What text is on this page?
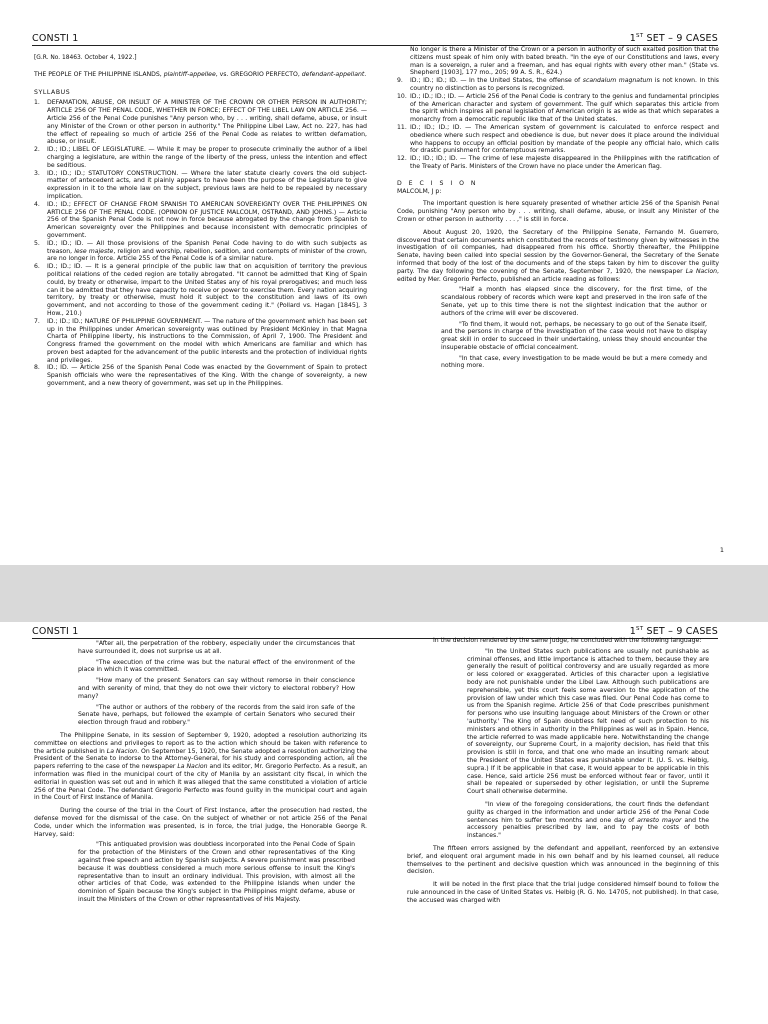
CONSTI 1	1ST SET – 9 CASES

[G.R. No. 18463. October 4, 1922.]

THE PEOPLE OF THE PHILIPPINE ISLANDS, plaintiff-appellee, vs. GREGORIO PERFECTO, defendant-appellant.

SYLLABUS

1. DEFAMATION, ABUSE, OR INSULT OF A MINISTER OF THE CROWN OR OTHER PERSON IN AUTHORITY; ARTICLE 256 OF THE PENAL CODE, WHETHER IN FORCE; EFFECT OF THE LIBEL LAW ON ARTICLE 256. — Article 256 of the Penal Code punishes "Any person who, by . . . writing, shall defame, abuse, or insult any Minister of the Crown or other person in authority." The Philippine Libel Law, Act no. 227, has had the effect of repealing so much of article 256 of the Penal Code as relates to written defamation, abuse, or insult.
2. ID.; ID.; LIBEL OF LEGISLATURE. — While it may be proper to prosecute criminally the author of a libel charging a legislature, are within the range of the liberty of the press, unless the intention and effect be seditious.
3. ID.; ID.; ID.; STATUTORY CONSTRUCTION. — Where the later statute clearly covers the old subject-matter of antecedent acts, and it plainly appears to have been the purpose of the Legislature to give expression in it to the whole law on the subject, previous laws are held to be repealed by necessary implication.
4. ID.; ID.; EFFECT OF CHANGE FROM SPANISH TO AMERICAN SOVEREIGNTY OVER THE PHILIPPINES ON ARTICLE 256 OF THE PENAL CODE. (OPINION OF JUSTICE MALCOLM, OSTRAND, AND JOHNS.) — Article 256 of the Spanish Penal Code is not now in force because abrogated by the change from Spanish to American sovereignty over the Philippines and because inconsistent with democratic principles of government.
5. ID.; ID.; ID. — All those provisions of the Spanish Penal Code having to do with such subjects as treason, lese majeste, religion and worship, rebellion, sedition, and contempts of minister of the crown, are no longer in force. Article 255 of the Penal Code is of a similar nature.
6. ID.; ID.; ID. — It is a general principle of the public law that on acquisition of territory the previous political relations of the ceded region are totally abrogated. "It cannot be admitted that King of Spain could, by treaty or otherwise, impart to the United States any of his royal prerogatives; and much less can it be admitted that they have capacity to receive or power to exercise them. Every nation acquiring territory, by treaty or otherwise, must hold it subject to the constitution and laws of its own government, and not according to those of the government ceding it." (Pollard vs. Hagan [1845], 3 How., 210.)
7. ID.; ID.; ID.; NATURE OF PHILIPPINE GOVERNMENT. — The nature of the government which has been set up in the Philippines under American sovereignty was outlined by President McKinley in that Magna Charta of Philippine liberty, his instructions to the Commission, of April 7, 1900. The President and Congress framed the government on the model with which Americans are familiar and which has proven best adapted for the advancement of the public interests and the protection of individual rights and privileges.
8. ID.; ID. — Article 256 of the Spanish Penal Code was enacted by the Government of Spain to protect Spanish officials who were the representatives of the King. With the change of sovereignty, a new government, and a new theory of government, was set up in the Philippines.

No longer is there a Minister of the Crown or a person in authority of such exalted position that the citizens must speak of him only with bated breath. "In the eye of our Constitutions and laws, every man is a sovereign, a ruler and a freeman, and has equal rights with every other man." (State vs. Shepherd [1903], 177 mo., 205; 99 A. S. R., 624.)

9. ID.; ID.; ID.; ID. — In the United States, the offense of scandalum magnatum is not known. In this country no distinction as to persons is recognized.
10. ID.; ID.; ID.; ID. — Article 256 of the Penal Code is contrary to the genius and fundamental principles of the American character and system of government. The gulf which separates this article from the spirit which inspires all penal legislation of American origin is as wide as that which separates a monarchy from a democratic republic like that of the United states.
11. ID.; ID.; ID.; ID. — The American system of government is calculated to enforce respect and obedience where such respect and obedience is due, but never does it place around the individual who happens to occupy an official position by mandate of the people any official halo, which calls for drastic punishment for contemptuous remarks.
12. ID.; ID.; ID.; ID. — The crime of lese majeste disappeared in the Philippines with the ratification of the Treaty of Paris. Ministers of the Crown have no place under the American flag.

D E C I S I O N

MALCOLM, J p:

The important question is here squarely presented of whether article 256 of the Spanish Penal Code, punishing "Any person who by . . . writing, shall defame, abuse, or insult any Minister of the Crown or other person in authority . . . ," is still in force.

About August 20, 1920, the Secretary of the Philippine Senate, Fernando M. Guerrero, discovered that certain documents which constituted the records of testimony given by witnesses in the investigation of oil companies, had disappeared from his office. Shortly thereafter, the Philippine Senate, having been called into special session by the Governor-General, the Secretary of the Senate informed that body of the lost of the documents and of the steps taken by him to discover the guilty party. The day following the covening of the Senate, September 7, 1920, the newspaper La Nacion, edited by Mer. Gregorio Perfecto, published an article reading as follows:

"Half a month has elapsed since the discovery, for the first time, of the scandalous robbery of records which were kept and preserved in the iron safe of the Senate, yet up to this time there is not the slightest indication that the author or authors of the crime will ever be discovered.

"To find them, it would not, perhaps, be necessary to go out of the Senate itself, and the persons in charge of the investigation of the case would not have to display great skill in order to succeed in their undertaking, unless they should encounter the insuperable obstacle of official concealment.

"In that case, every investigation to be made would be but a mere comedy and nothing more.

1
CONSTI 1	1ST SET – 9 CASES

"After all, the perpetration of the robbery, especially under the circumstances that have surrounded it, does not surprise us at all.

"The execution of the crime was but the natural effect of the environment of the place in which it was committed.

"How many of the present Senators can say without remorse in their conscience and with serenity of mind, that they do not owe their victory to electoral robbery? How many?

"The author or authors of the robbery of the records from the said iron safe of the Senate have, perhaps, but followed the example of certain Senators who secured their election through fraud and robbery."

The Philippine Senate, in its session of September 9, 1920, adopted a resolution authorizing its committee on elections and privileges to report as to the action which should be taken with reference to the article published in La Nacion. On September 15, 1920, the Senate adopted a resolution authorizing the President of the Senate to indorse to the Attorney-General, for his study and corresponding action, all the papers referring to the case of the newspaper La Nacion and its editor, Mr. Gregorio Perfecto. As a result, an information was filed in the municipal court of the city of Manila by an assistant city fiscal, in which the editorial in question was set out and in which it was alleged that the same constituted a violation of article 256 of the Penal Code. The defendant Gregorio Perfecto was found guilty in the municipal court and again in the Court of First Instance of Manila.

During the course of the trial in the Court of First Instance, after the prosecution had rested, the defense moved for the dismissal of the case. On the subject of whether or not article 256 of the Penal Code, under which the information was presented, is in force, the trial judge, the Honorable George R. Harvey, said:

"This antiquated provision was doubtless incorporated into the Penal Code of Spain for the protection of the Ministers of the Crown and other representatives of the King against free speech and action by Spanish subjects. A severe punishment was prescribed because it was doubtless considered a much more serious offense to insult the King's representative than to insult an ordinary individual. This provision, with almost all the other articles of that Code, was extended to the Philippine Islands when under the dominion of Spain because the King's subject in the Philippines might defame, abuse or insult the Ministers of the Crown or other representatives of His Majesty.

In the decision rendered by the same judge, he concluded with the following language:

"In the United States such publications are usually not punishable as criminal offenses, and little importance is attached to them, because they are generally the result of political controversy and are usually regarded as more or less colored or exaggerated. Articles of this character upon a legislative body are not punishable under the Libel Law. Although such publications are reprehensible, yet this court feels some aversion to the application of the provision of law under which this case was filed. Our Penal Code has come to us from the Spanish regime. Article 256 of that Code prescribes punishment for persons who use insulting language about Ministers of the Crown or other 'authority.' The King of Spain doubtless felt need of such protection to his ministers and others in authority in the Philippines as well as in Spain. Hence, the article referred to was made applicable here. Notwithstanding the change of sovereignty, our Supreme Court, in a majority decision, has held that this provision is still in force, and that one who made an insulting remark about the President of the United States was punishable under it. (U. S. vs. Helbig, supra.) If it be applicable in that case, it would appear to be applicable in this case. Hence, said article 256 must be enforced without fear or favor, until it shall be repealed or superseded by other legislation, or until the Supreme Court shall otherwise determine.

"In view of the foregoing considerations, the court finds the defendant guilty as charged in the information and under article 256 of the Penal Code sentences him to suffer two months and one day of arresto mayor and the accessory penalties prescribed by law, and to pay the costs of both instances."

The fifteen errors assigned by the defendant and appellant, reenforced by an extensive brief, and eloquent oral argument made in his own behalf and by his learned counsel, all reduce themselves to the pertinent and decisive question which was announced in the beginning of this decision.

It will be noted in the first place that the trial judge considered himself bound to follow the rule announced in the case of United States vs. Helbig (R. G. No. 14705, not published). In that case, the accused was charged with
